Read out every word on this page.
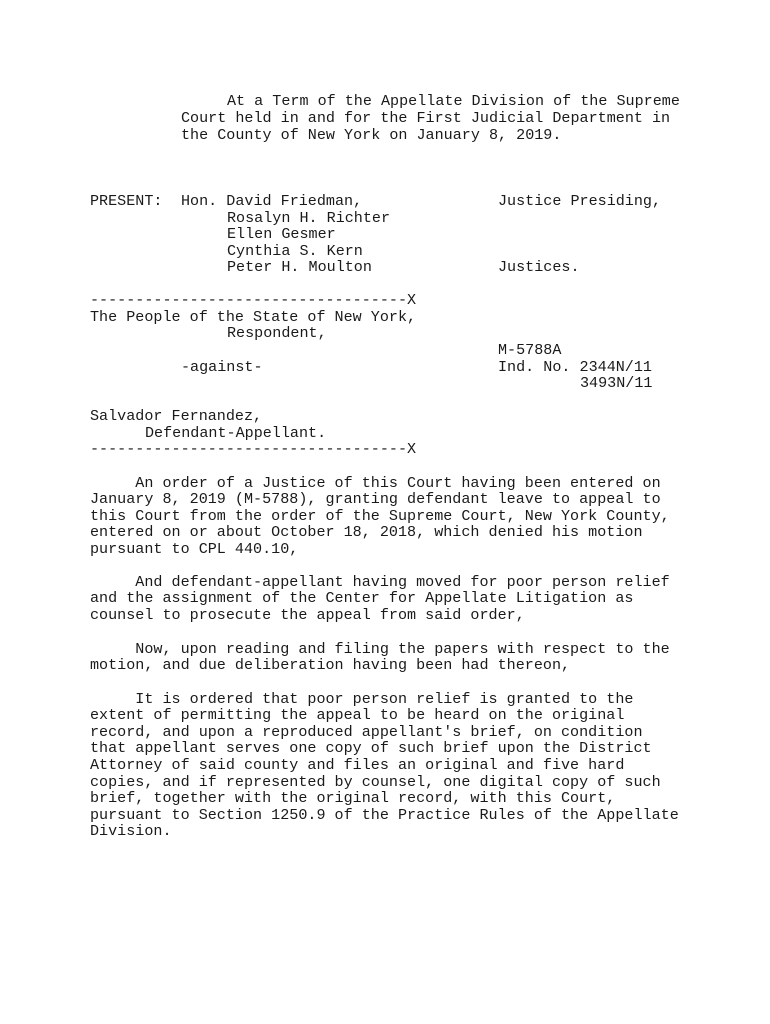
At a Term of the Appellate Division of the Supreme
Court held in and for the First Judicial Department in
the County of New York on January 8, 2019.
PRESENT: Hon. David Friedman,	Justice Presiding,
Rosalyn H. Richter
Ellen Gesmer
Cynthia S. Kern
Peter H. Moulton	Justices.
-----------------------------------X
The People of the State of New York,
Respondent,
M-5788A
-against-	Ind. No. 2344N/11
3493N/11
Salvador Fernandez,
Defendant-Appellant.
-----------------------------------X
An order of a Justice of this Court having been entered on
January 8, 2019 (M-5788), granting defendant leave to appeal to
this Court from the order of the Supreme Court, New York County,
entered on or about October 18, 2018, which denied his motion
pursuant to CPL 440.10,
And defendant-appellant having moved for poor person relief
and the assignment of the Center for Appellate Litigation as
counsel to prosecute the appeal from said order,
Now, upon reading and filing the papers with respect to the
motion, and due deliberation having been had thereon,
It is ordered that poor person relief is granted to the
extent of permitting the appeal to be heard on the original
record, and upon a reproduced appellant's brief, on condition
that appellant serves one copy of such brief upon the District
Attorney of said county and files an original and five hard
copies, and if represented by counsel, one digital copy of such
brief, together with the original record, with this Court,
pursuant to Section 1250.9 of the Practice Rules of the Appellate
Division.
